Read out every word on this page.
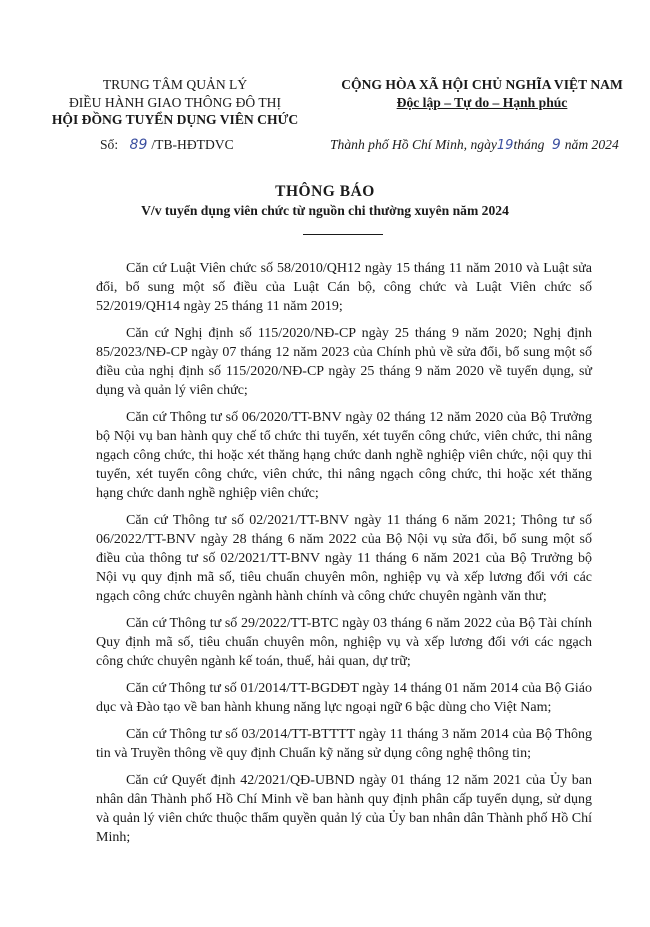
TRUNG TÂM QUẢN LÝ
ĐIỀU HÀNH GIAO THÔNG ĐÔ THỊ
HỘI ĐỒNG TUYỂN DỤNG VIÊN CHỨC
CỘNG HÒA XÃ HỘI CHỦ NGHĨA VIỆT NAM
Độc lập – Tự do – Hạnh phúc
Số: 89 /TB-HĐTDVC	Thành phố Hồ Chí Minh, ngày19tháng 9 năm 2024
THÔNG BÁO
V/v tuyển dụng viên chức từ nguồn chi thường xuyên năm 2024

Căn cứ Luật Viên chức số 58/2010/QH12 ngày 15 tháng 11 năm 2010 và Luật sửa đổi, bổ sung một số điều của Luật Cán bộ, công chức và Luật Viên chức số 52/2019/QH14 ngày 25 tháng 11 năm 2019;

Căn cứ Nghị định số 115/2020/NĐ-CP ngày 25 tháng 9 năm 2020; Nghị định 85/2023/NĐ-CP ngày 07 tháng 12 năm 2023 của Chính phủ về sửa đổi, bổ sung một số điều của nghị định số 115/2020/NĐ-CP ngày 25 tháng 9 năm 2020 về tuyển dụng, sử dụng và quản lý viên chức;

Căn cứ Thông tư số 06/2020/TT-BNV ngày 02 tháng 12 năm 2020 của Bộ Trưởng bộ Nội vụ ban hành quy chế tổ chức thi tuyển, xét tuyển công chức, viên chức, thi nâng ngạch công chức, thi hoặc xét thăng hạng chức danh nghề nghiệp viên chức, nội quy thi tuyển, xét tuyển công chức, viên chức, thi nâng ngạch công chức, thi hoặc xét thăng hạng chức danh nghề nghiệp viên chức;

Căn cứ Thông tư số 02/2021/TT-BNV ngày 11 tháng 6 năm 2021; Thông tư số 06/2022/TT-BNV ngày 28 tháng 6 năm 2022 của Bộ Nội vụ sửa đổi, bổ sung một số điều của thông tư số 02/2021/TT-BNV ngày 11 tháng 6 năm 2021 của Bộ Trưởng bộ Nội vụ quy định mã số, tiêu chuẩn chuyên môn, nghiệp vụ và xếp lương đối với các ngạch công chức chuyên ngành hành chính và công chức chuyên ngành văn thư;

Căn cứ Thông tư số 29/2022/TT-BTC ngày 03 tháng 6 năm 2022 của Bộ Tài chính Quy định mã số, tiêu chuẩn chuyên môn, nghiệp vụ và xếp lương đối với các ngạch công chức chuyên ngành kế toán, thuế, hải quan, dự trữ;

Căn cứ Thông tư số 01/2014/TT-BGDĐT ngày 14 tháng 01 năm 2014 của Bộ Giáo dục và Đào tạo về ban hành khung năng lực ngoại ngữ 6 bậc dùng cho Việt Nam;

Căn cứ Thông tư số 03/2014/TT-BTTTT ngày 11 tháng 3 năm 2014 của Bộ Thông tin và Truyền thông về quy định Chuẩn kỹ năng sử dụng công nghệ thông tin;

Căn cứ Quyết định 42/2021/QĐ-UBND ngày 01 tháng 12 năm 2021 của Ủy ban nhân dân Thành phố Hồ Chí Minh về ban hành quy định phân cấp tuyển dụng, sử dụng và quản lý viên chức thuộc thẩm quyền quản lý của Ủy ban nhân dân Thành phố Hồ Chí Minh;
